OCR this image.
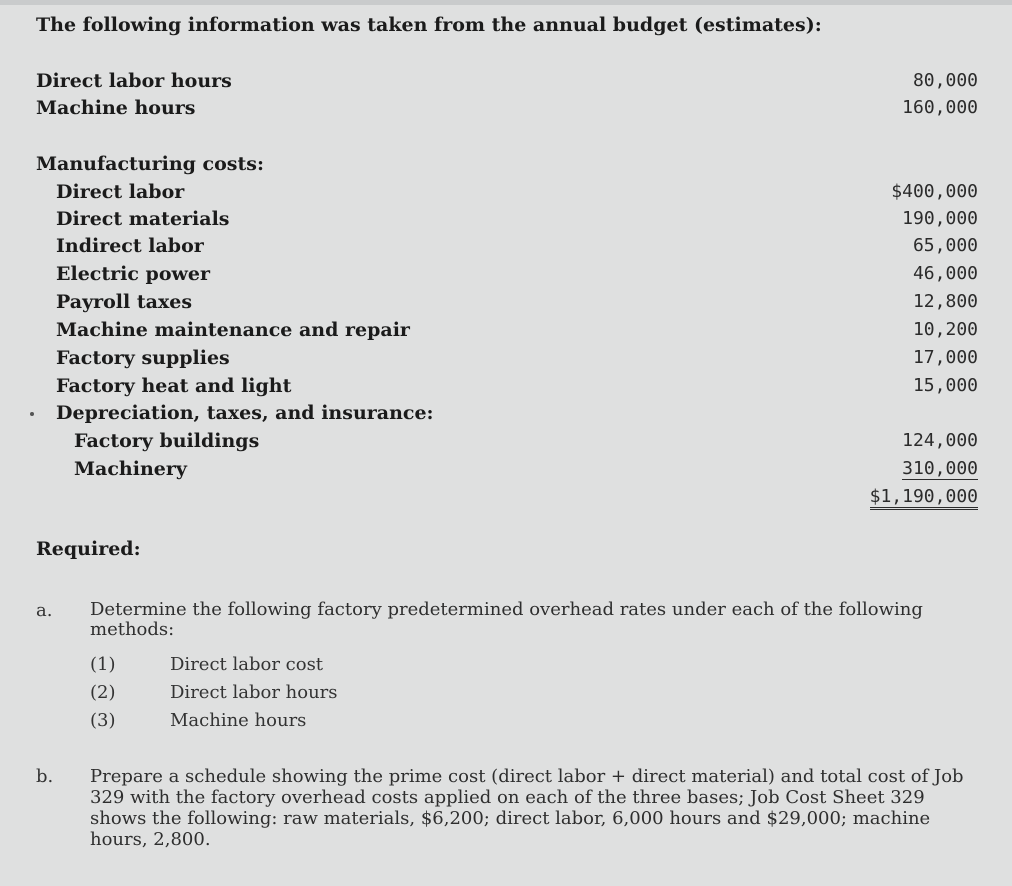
The following information was taken from the annual budget (estimates):
Direct labor hours	80,000
Machine hours	160,000
Manufacturing costs:
Direct labor	$400,000
Direct materials	190,000
Indirect labor	65,000
Electric power	46,000
Payroll taxes	12,800
Machine maintenance and repair	10,200
Factory supplies	17,000
Factory heat and light	15,000
Depreciation, taxes, and insurance:
Factory buildings	124,000
Machinery	310,000
$1,190,000
Required:
a. Determine the following factory predetermined overhead rates under each of the following methods:
(1)	Direct labor cost
(2)	Direct labor hours
(3)	Machine hours
b. Prepare a schedule showing the prime cost (direct labor + direct material) and total cost of Job 329 with the factory overhead costs applied on each of the three bases; Job Cost Sheet 329 shows the following: raw materials, $6,200; direct labor, 6,000 hours and $29,000; machine hours, 2,800.
